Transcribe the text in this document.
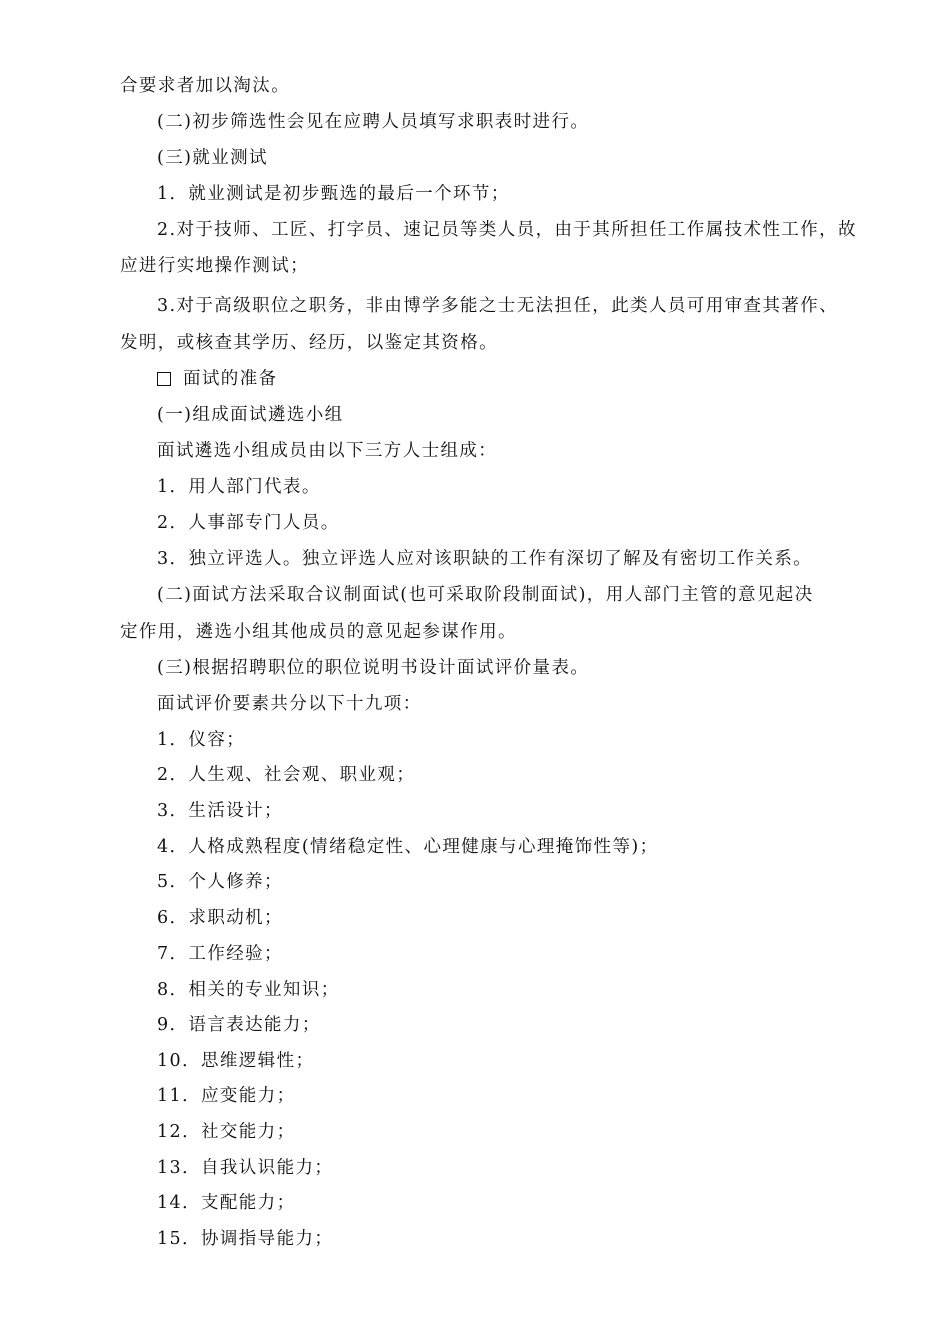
合要求者加以淘汰。
(二)初步筛选性会见在应聘人员填写求职表时进行。
(三)就业测试
1．就业测试是初步甄选的最后一个环节；
2.对于技师、工匠、打字员、速记员等类人员，由于其所担任工作属技术性工作，故
应进行实地操作测试；
3.对于高级职位之职务，非由博学多能之士无法担任，此类人员可用审查其著作、
发明，或核查其学历、经历，以鉴定其资格。
面试的准备
(一)组成面试遴选小组
面试遴选小组成员由以下三方人士组成：
1．用人部门代表。
2．人事部专门人员。
3．独立评选人。独立评选人应对该职缺的工作有深切了解及有密切工作关系。
(二)面试方法采取合议制面试(也可采取阶段制面试)，用人部门主管的意见起决
定作用，遴选小组其他成员的意见起参谋作用。
(三)根据招聘职位的职位说明书设计面试评价量表。
面试评价要素共分以下十九项：
1．仪容；
2．人生观、社会观、职业观；
3．生活设计；
4．人格成熟程度(情绪稳定性、心理健康与心理掩饰性等)；
5．个人修养；
6．求职动机；
7．工作经验；
8．相关的专业知识；
9．语言表达能力；
10．思维逻辑性；
11．应变能力；
12．社交能力；
13．自我认识能力；
14．支配能力；
15．协调指导能力；
